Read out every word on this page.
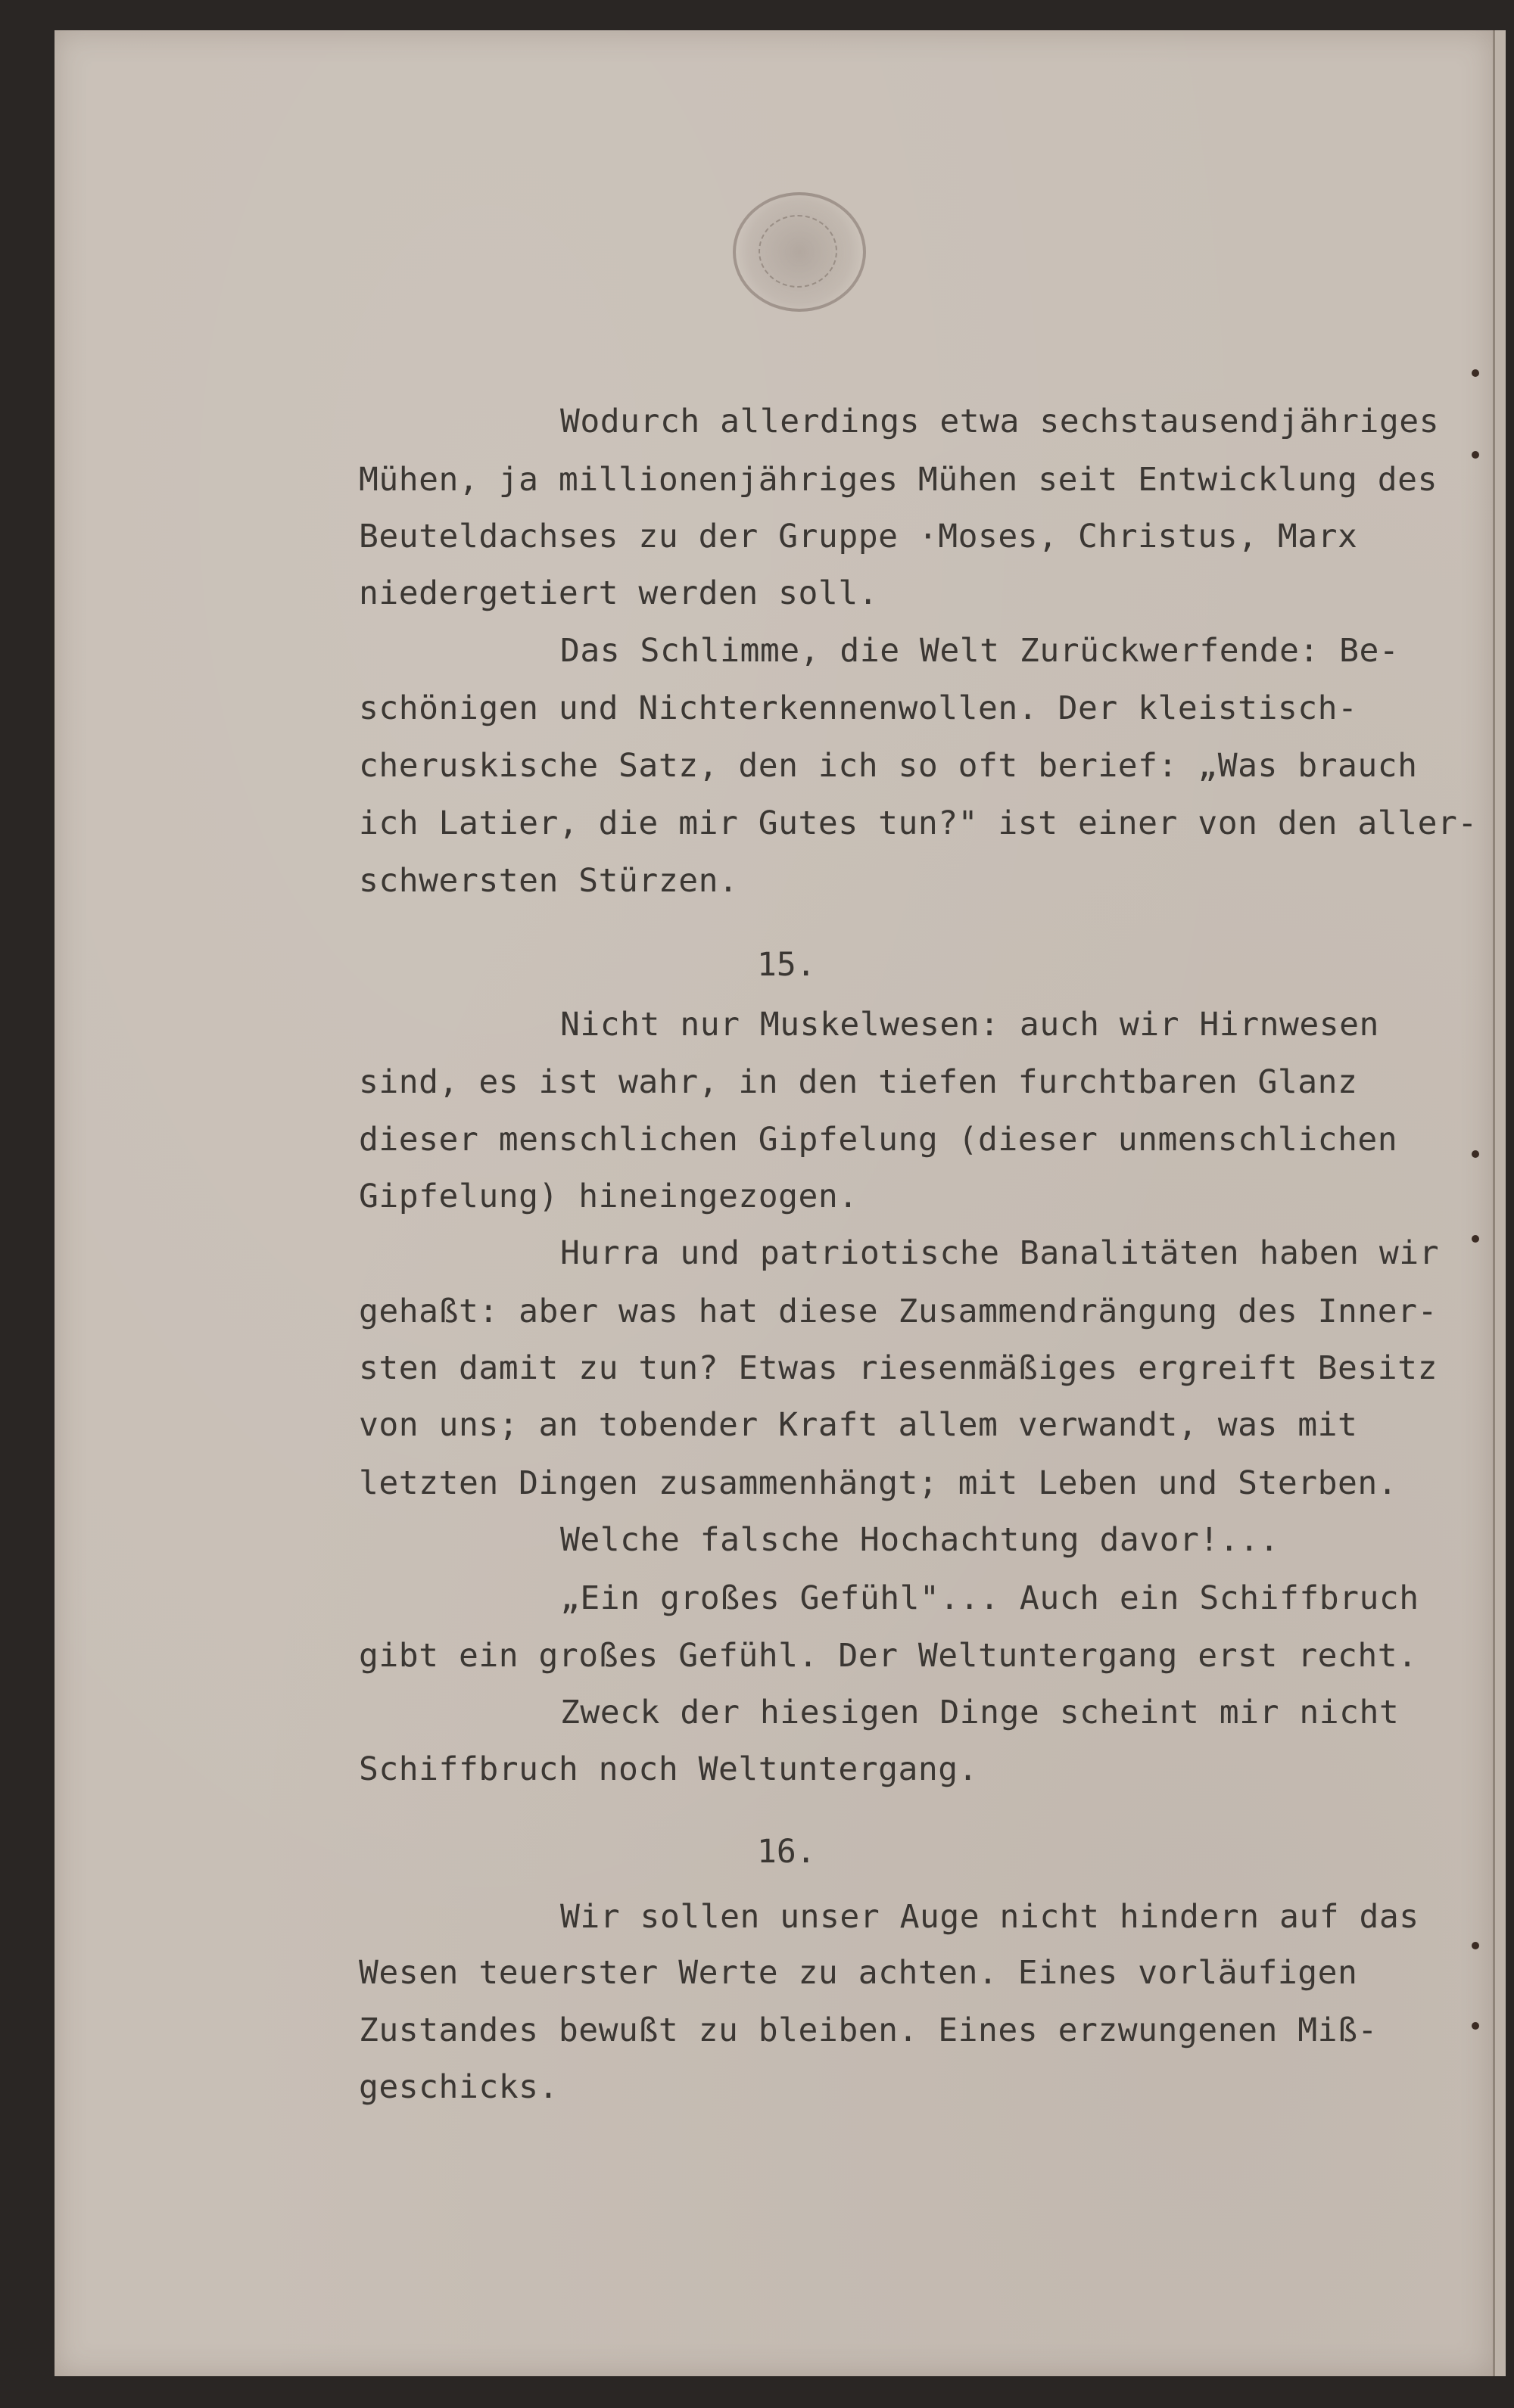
Wodurch allerdings etwa sechstausendjähriges
Mühen, ja millionenjähriges Mühen seit Entwicklung des
Beuteldachses zu der Gruppe ·Moses, Christus, Marx
niedergetiert werden soll.
Das Schlimme, die Welt Zurückwerfende: Be-
schönigen und Nichterkennenwollen. Der kleistisch-
cheruskische Satz, den ich so oft berief: „Was brauch
ich Latier, die mir Gutes tun?" ist einer von den aller-
schwersten Stürzen.
15.
Nicht nur Muskelwesen: auch wir Hirnwesen
sind, es ist wahr, in den tiefen furchtbaren Glanz
dieser menschlichen Gipfelung (dieser unmenschlichen
Gipfelung) hineingezogen.
Hurra und patriotische Banalitäten haben wir
gehaßt: aber was hat diese Zusammendrängung des Inner-
sten damit zu tun? Etwas riesenmäßiges ergreift Besitz
von uns; an tobender Kraft allem verwandt, was mit
letzten Dingen zusammenhängt; mit Leben und Sterben.
Welche falsche Hochachtung davor!...
„Ein großes Gefühl"... Auch ein Schiffbruch
gibt ein großes Gefühl. Der Weltuntergang erst recht.
Zweck der hiesigen Dinge scheint mir nicht
Schiffbruch noch Weltuntergang.
16.
Wir sollen unser Auge nicht hindern auf das
Wesen teuerster Werte zu achten. Eines vorläufigen
Zustandes bewußt zu bleiben. Eines erzwungenen Miß-
geschicks.
